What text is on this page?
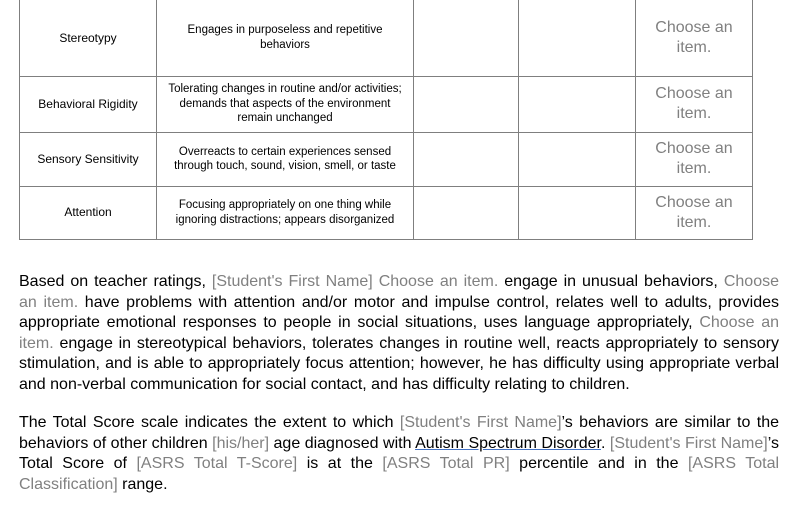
Stereotypy	Engages in purposeless and repetitive behaviors			Choose an item.
Behavioral Rigidity	Tolerating changes in routine and/or activities; demands that aspects of the environment remain unchanged			Choose an item.
Sensory Sensitivity	Overreacts to certain experiences sensed through touch, sound, vision, smell, or taste			Choose an item.
Attention	Focusing appropriately on one thing while ignoring distractions; appears disorganized			Choose an item.

Based on teacher ratings, [Student's First Name] Choose an item. engage in unusual behaviors, Choose an item. have problems with attention and/or motor and impulse control, relates well to adults, provides appropriate emotional responses to people in social situations, uses language appropriately, Choose an item. engage in stereotypical behaviors, tolerates changes in routine well, reacts appropriately to sensory stimulation, and is able to appropriately focus attention; however, he has difficulty using appropriate verbal and non-verbal communication for social contact, and has difficulty relating to children.

The Total Score scale indicates the extent to which [Student's First Name]’s behaviors are similar to the behaviors of other children [his/her] age diagnosed with Autism Spectrum Disorder. [Student's First Name]’s Total Score of [ASRS Total T-Score] is at the [ASRS Total PR] percentile and in the [ASRS Total Classification] range.
